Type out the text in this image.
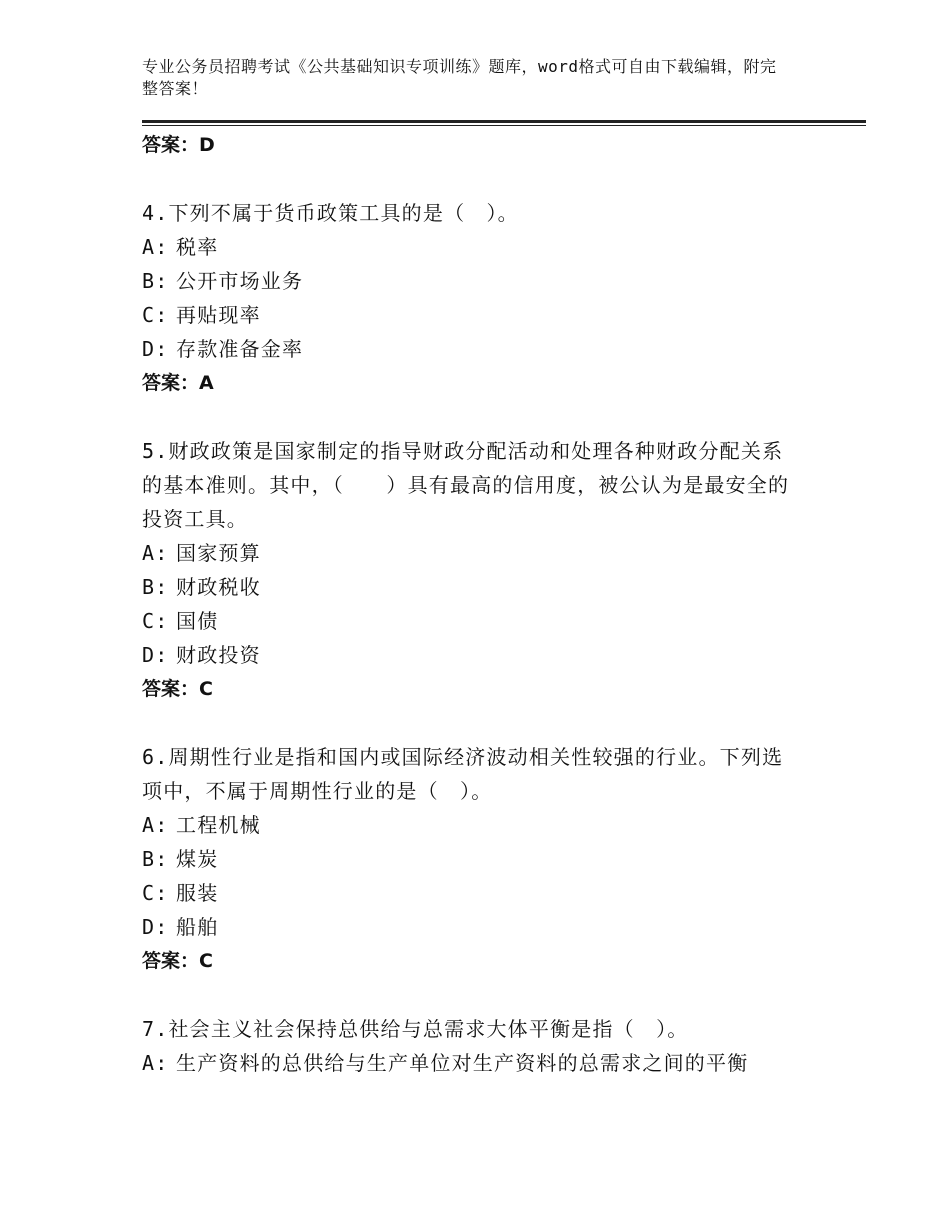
专业公务员招聘考试《公共基础知识专项训练》题库，word格式可自由下载编辑，附完整答案！
答案：D
4.下列不属于货币政策工具的是（　）。
A: 税率
B: 公开市场业务
C: 再贴现率
D: 存款准备金率
答案：A
5.财政政策是国家制定的指导财政分配活动和处理各种财政分配关系的基本准则。其中，（　　）具有最高的信用度，被公认为是最安全的投资工具。
A: 国家预算
B: 财政税收
C: 国债
D: 财政投资
答案：C
6.周期性行业是指和国内或国际经济波动相关性较强的行业。下列选项中，不属于周期性行业的是（　）。
A: 工程机械
B: 煤炭
C: 服装
D: 船舶
答案：C
7.社会主义社会保持总供给与总需求大体平衡是指（　）。
A: 生产资料的总供给与生产单位对生产资料的总需求之间的平衡
